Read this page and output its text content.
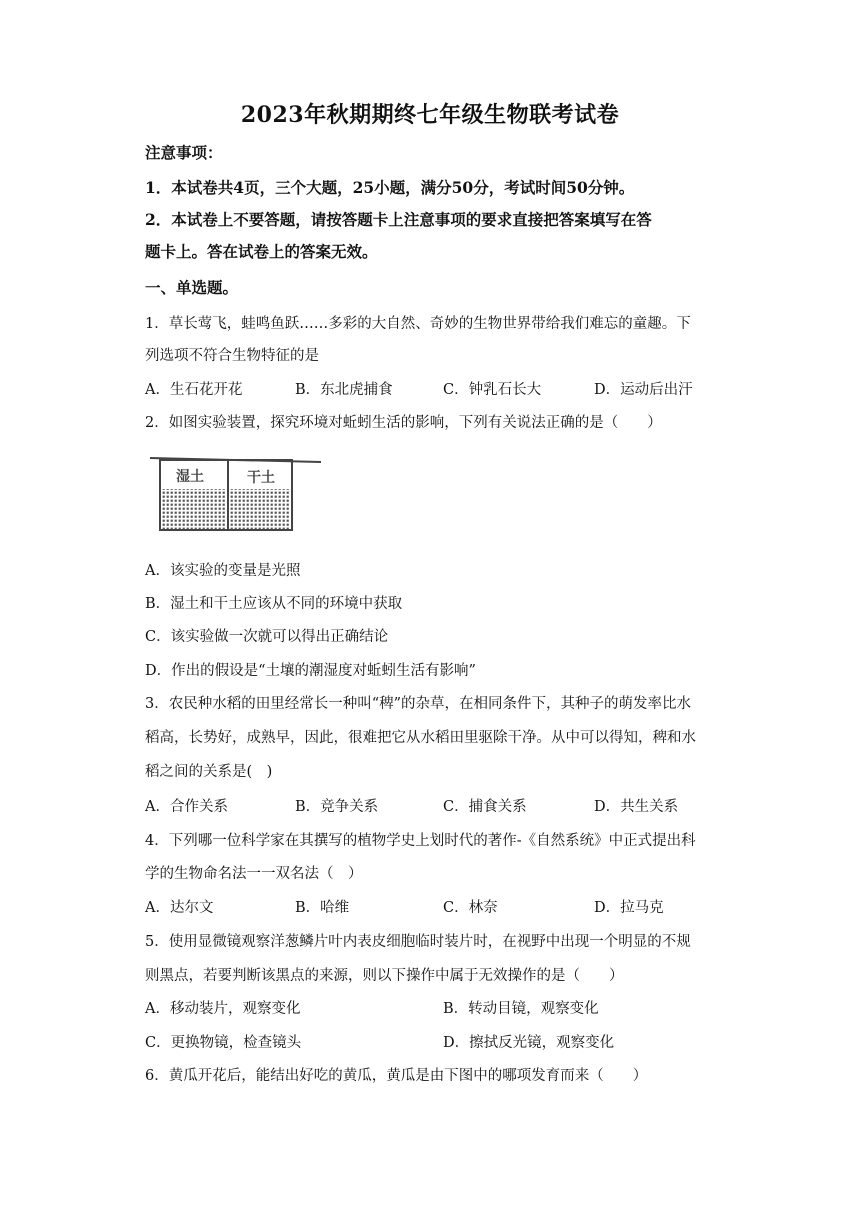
2023年秋期期终七年级生物联考试卷
注意事项：
1．本试卷共4页，三个大题，25小题，满分50分，考试时间50分钟。
2．本试卷上不要答题，请按答题卡上注意事项的要求直接把答案填写在答
题卡上。答在试卷上的答案无效。
一、单选题。
1．草长莺飞，蛙鸣鱼跃……多彩的大自然、奇妙的生物世界带给我们难忘的童趣。下
列选项不符合生物特征的是
A．生石花开花	B．东北虎捕食	C．钟乳石长大	D．运动后出汗
2．如图实验装置，探究环境对蚯蚓生活的影响，下列有关说法正确的是（　　）
湿土	干土
A．该实验的变量是光照
B．湿土和干土应该从不同的环境中获取
C．该实验做一次就可以得出正确结论
D．作出的假设是“土壤的潮湿度对蚯蚓生活有影响”
3．农民种水稻的田里经常长一种叫“稗”的杂草，在相同条件下，其种子的萌发率比水
稻高，长势好，成熟早，因此，很难把它从水稻田里驱除干净。从中可以得知，稗和水
稻之间的关系是(　)
A．合作关系	B．竞争关系	C．捕食关系	D．共生关系
4．下列哪一位科学家在其撰写的植物学史上划时代的著作-《自然系统》中正式提出科
学的生物命名法一一双名法（　）
A．达尔文	B．哈维	C．林奈	D．拉马克
5．使用显微镜观察洋葱鳞片叶内表皮细胞临时装片时，在视野中出现一个明显的不规
则黑点，若要判断该黑点的来源，则以下操作中属于无效操作的是（　　）
A．移动装片，观察变化	B．转动目镜，观察变化
C．更换物镜，检查镜头	D．擦拭反光镜，观察变化
6．黄瓜开花后，能结出好吃的黄瓜，黄瓜是由下图中的哪项发育而来（　　）
